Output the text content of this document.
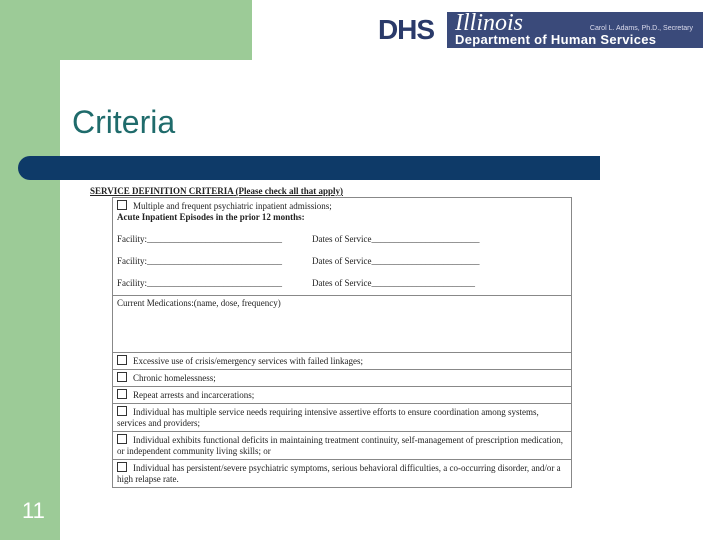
DHS Illinois	Carol L. Adams, Ph.D., Secretary
Department of Human Services
Criteria
SERVICE DEFINITION CRITERIA (Please check all that apply)
Multiple and frequent psychiatric inpatient admissions;
Acute Inpatient Episodes in the prior 12 months:
Facility:______________________________	Dates of Service________________________
Facility:______________________________	Dates of Service________________________
Facility:______________________________	Dates of Service_______________________
Current Medications:(name, dose, frequency)
Excessive use of crisis/emergency services with failed linkages;
Chronic homelessness;
Repeat arrests and incarcerations;
Individual has multiple service needs requiring intensive assertive efforts to ensure coordination among systems, services and providers;
Individual exhibits functional deficits in maintaining treatment continuity, self-management of prescription medication, or independent community living skills; or
Individual has persistent/severe psychiatric symptoms, serious behavioral difficulties, a co-occurring disorder, and/or a high relapse rate.
11
